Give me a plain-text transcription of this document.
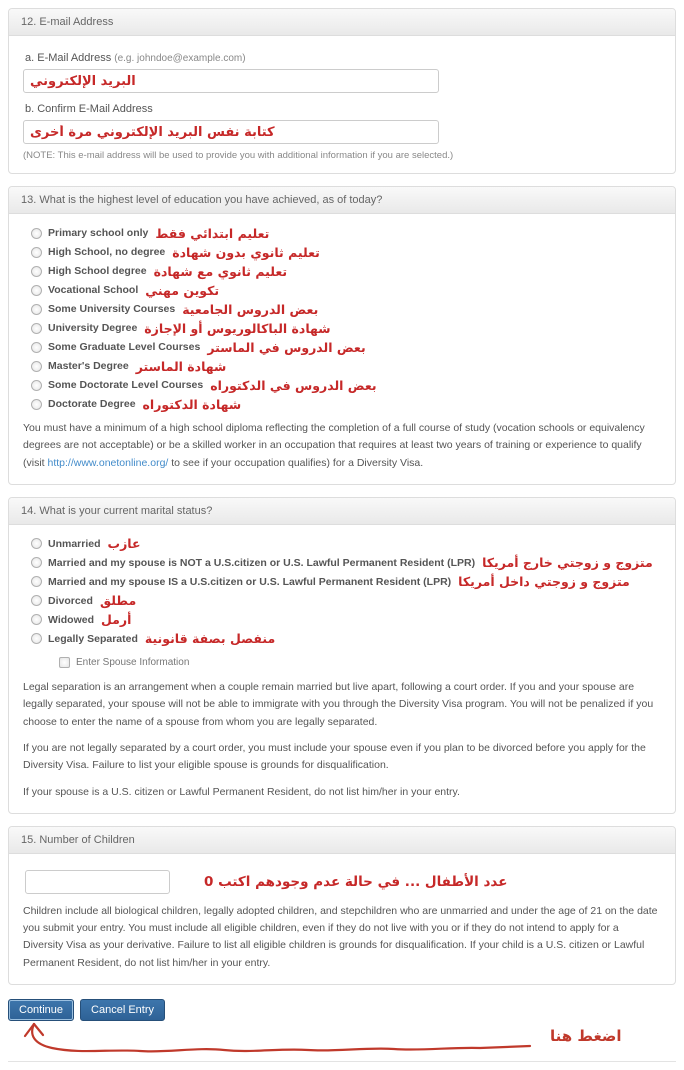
12. E-mail Address
a. E-Mail Address (e.g. johndoe@example.com)
البريد الإلكتروني
b. Confirm E-Mail Address
كتابة نفس البريد الإلكتروني مرة أخرى
(NOTE: This e-mail address will be used to provide you with additional information if you are selected.)
13. What is the highest level of education you have achieved, as of today?
Primary school only تعليم ابتدائي فقط
High School, no degree تعليم ثانوي بدون شهادة
High School degree تعليم ثانوي مع شهادة
Vocational School تكوين مهني
Some University Courses بعض الدروس الجامعية
University Degree شهادة الباكالوريوس أو الإجازة
Some Graduate Level Courses بعض الدروس في الماستر
Master's Degree شهادة الماستر
Some Doctorate Level Courses بعض الدروس في الدكتوراه
Doctorate Degree شهادة الدكتوراه

You must have a minimum of a high school diploma reflecting the completion of a full course of study (vocation schools or equivalency degrees are not acceptable) or be a skilled worker in an occupation that requires at least two years of training or experience to qualify (visit http://www.onetonline.org/ to see if your occupation qualifies) for a Diversity Visa.

14. What is your current marital status?
Unmarried عازب
Married and my spouse is NOT a U.S.citizen or U.S. Lawful Permanent Resident (LPR) متزوج و زوجتي خارج أمريكا
Married and my spouse IS a U.S.citizen or U.S. Lawful Permanent Resident (LPR) متزوج و زوجتي داخل أمريكا
Divorced مطلق
Widowed أرمل
Legally Separated منفصل بصفة قانونية
Enter Spouse Information

Legal separation is an arrangement when a couple remain married but live apart, following a court order. If you and your spouse are legally separated, your spouse will not be able to immigrate with you through the Diversity Visa program. You will not be penalized if you choose to enter the name of a spouse from whom you are legally separated.

If you are not legally separated by a court order, you must include your spouse even if you plan to be divorced before you apply for the Diversity Visa. Failure to list your eligible spouse is grounds for disqualification.

If your spouse is a U.S. citizen or Lawful Permanent Resident, do not list him/her in your entry.

15. Number of Children
عدد الأطفال ... في حالة عدم وجودهم اكتب 0

Children include all biological children, legally adopted children, and stepchildren who are unmarried and under the age of 21 on the date you submit your entry. You must include all eligible children, even if they do not live with you or if they do not intend to apply for a Diversity Visa as your derivative. Failure to list all eligible children is grounds for disqualification. If your child is a U.S. citizen or Lawful Permanent Resident, do not list him/her in your entry.

Continue	Cancel Entry
اضغط هنا
